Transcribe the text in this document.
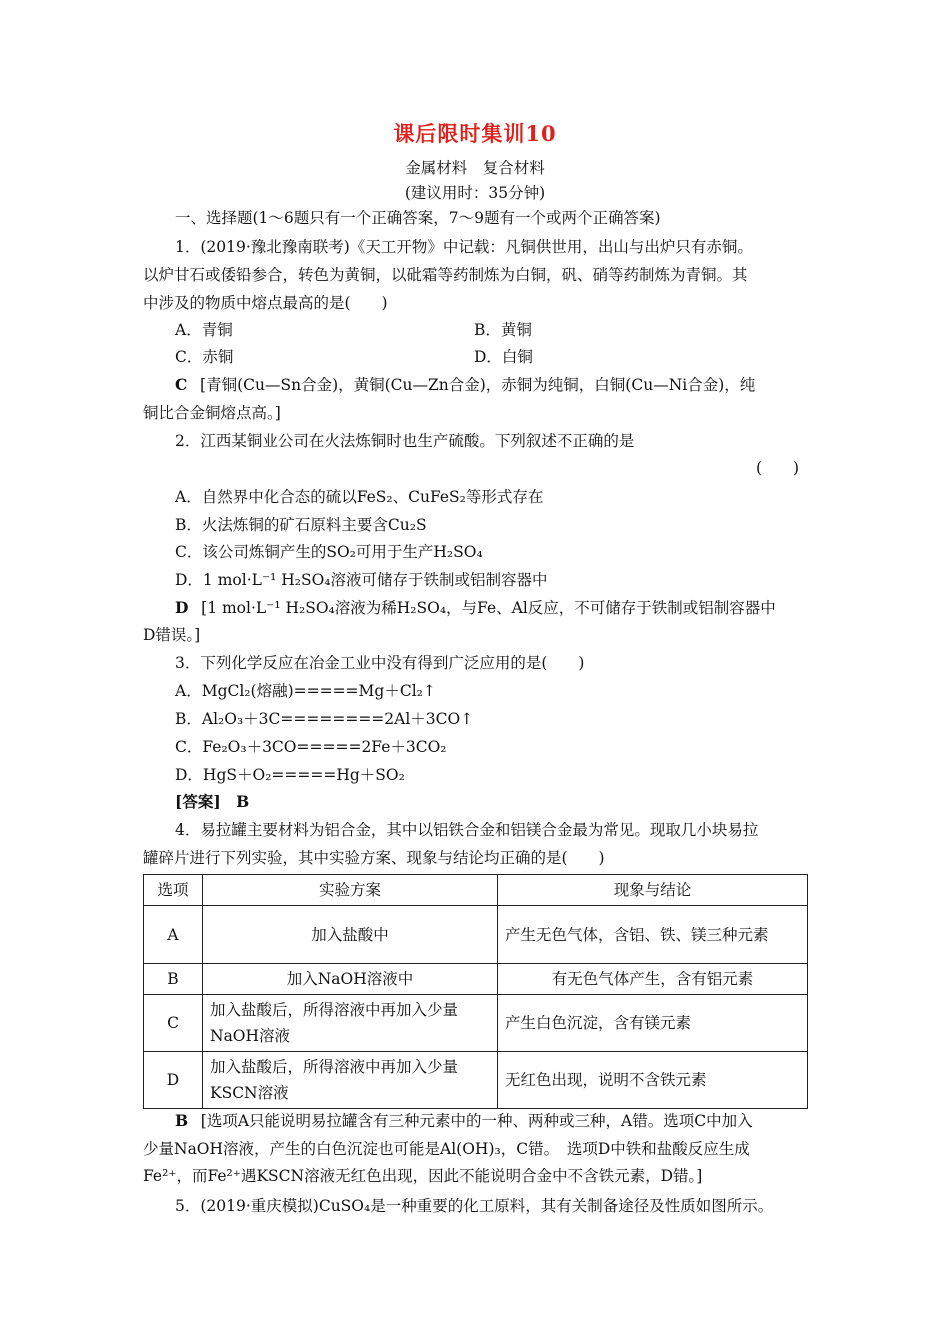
课后限时集训10
金属材料　复合材料
(建议用时：35分钟)
一、选择题(1～6题只有一个正确答案，7～9题有一个或两个正确答案)
1．(2019·豫北豫南联考)《天工开物》中记载：凡铜供世用，出山与出炉只有赤铜。
以炉甘石或倭铅参合，转色为黄铜，以砒霜等药制炼为白铜，矾、硝等药制炼为青铜。其
中涉及的物质中熔点最高的是(　　)
A．青铜	B．黄铜
C．赤铜	D．白铜
C   [青铜(Cu—Sn合金)，黄铜(Cu—Zn合金)，赤铜为纯铜，白铜(Cu—Ni合金)，纯
铜比合金铜熔点高。]
2．江西某铜业公司在火法炼铜时也生产硫酸。下列叙述不正确的是
(　　)
A．自然界中化合态的硫以FeS₂、CuFeS₂等形式存在
B．火法炼铜的矿石原料主要含Cu₂S
C．该公司炼铜产生的SO₂可用于生产H₂SO₄
D．1 mol·L⁻¹ H₂SO₄溶液可储存于铁制或铝制容器中
D   [1 mol·L⁻¹ H₂SO₄溶液为稀H₂SO₄，与Fe、Al反应，不可储存于铁制或铝制容器中
D错误。]
3．下列化学反应在冶金工业中没有得到广泛应用的是(　　)
A．MgCl₂(熔融)=====Mg＋Cl₂↑
B．Al₂O₃＋3C========2Al＋3CO↑
C．Fe₂O₃＋3CO=====2Fe＋3CO₂
D．HgS＋O₂=====Hg＋SO₂
[答案]　B
4．易拉罐主要材料为铝合金，其中以铝铁合金和铝镁合金最为常见。现取几小块易拉
罐碎片进行下列实验，其中实验方案、现象与结论均正确的是(　　)
选项	实验方案	现象与结论
A	加入盐酸中	产生无色气体，含铝、铁、镁三种元素
B	加入NaOH溶液中	有无色气体产生，含有铝元素
C	加入盐酸后，所得溶液中再加入少量NaOH溶液	产生白色沉淀，含有镁元素
D	加入盐酸后，所得溶液中再加入少量KSCN溶液	无红色出现，说明不含铁元素
B   [选项A只能说明易拉罐含有三种元素中的一种、两种或三种，A错。选项C中加入
少量NaOH溶液，产生的白色沉淀也可能是Al(OH)₃，C错。　选项D中铁和盐酸反应生成
Fe²⁺，而Fe²⁺遇KSCN溶液无红色出现，因此不能说明合金中不含铁元素，D错。]
5．(2019·重庆模拟)CuSO₄是一种重要的化工原料，其有关制备途径及性质如图所示。
